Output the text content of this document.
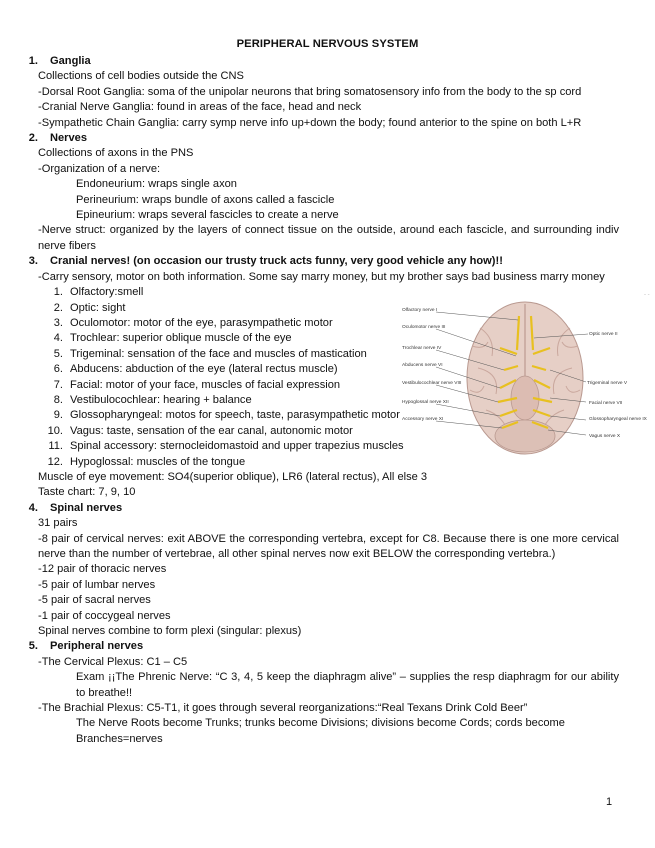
PERIPHERAL NERVOUS SYSTEM
1.	Ganglia
Collections of cell bodies outside the CNS
-Dorsal Root Ganglia: soma of the unipolar neurons that bring somatosensory info from the body to the sp cord
-Cranial Nerve Ganglia: found in areas of the face, head and neck
-Sympathetic Chain Ganglia: carry symp nerve info up+down the body; found anterior to the spine on both L+R
2.	Nerves
Collections of axons in the PNS
-Organization of a nerve:
Endoneurium: wraps single axon
Perineurium: wraps bundle of axons called a fascicle
Epineurium: wraps several fascicles to create a nerve
-Nerve struct: organized by the layers of connect tissue on the outside, around each fascicle, and surrounding indiv nerve fibers
3.	Cranial nerves! (on occasion our trusty truck acts funny, very good vehicle any how)!!
-Carry sensory, motor on both information. Some say marry money, but my brother says bad business marry money
1. Olfactory:smell
2. Optic: sight
3. Oculomotor: motor of the eye, parasympathetic motor
4. Trochlear: superior oblique muscle of the eye
5. Trigeminal: sensation of the face and muscles of mastication
6. Abducens: abduction of the eye (lateral rectus muscle)
7. Facial: motor of your face, muscles of facial expression
8. Vestibulocochlear: hearing + balance
9. Glossopharyngeal: motos for speech, taste, parasympathetic motor
10. Vagus: taste, sensation of the ear canal, autonomic motor
11. Spinal accessory: sternocleidomastoid and upper trapezius muscles
12. Hypoglossal: muscles of the tongue
Muscle of eye movement: SO4(superior oblique), LR6 (lateral rectus), All else 3
Taste chart: 7, 9, 10
4.	Spinal nerves
31 pairs
-8 pair of cervical nerves: exit ABOVE the corresponding vertebra, except for C8. Because there is one more cervical nerve than the number of vertebrae, all other spinal nerves now exit BELOW the corresponding vertebra.)
-12 pair of thoracic nerves
-5 pair of lumbar nerves
-5 pair of sacral nerves
-1 pair of coccygeal nerves
Spinal nerves combine to form plexi (singular: plexus)
5.	Peripheral nerves
-The Cervical Plexus: C1 – C5
Exam ¡¡The Phrenic Nerve: “C 3, 4, 5 keep the diaphragm alive” – supplies the resp diaphragm for our ability to breathe!!
-The Brachial Plexus: C5-T1, it goes through several reorganizations:“Real Texans Drink Cold Beer”
The Nerve Roots become Trunks; trunks become Divisions; divisions become Cords; cords become Branches=nerves
Olfactory nerve I
Oculomotor nerve III
Trochlear nerve IV
Abducens nerve VI
Vestibulocochlear nerve VIII
Hypoglossal nerve XII
Accessory nerve XI
Optic nerve II
Trigeminal nerve V
Facial nerve VII
Glossopharyngeal nerve IX
Vagus nerve X
- -
1
